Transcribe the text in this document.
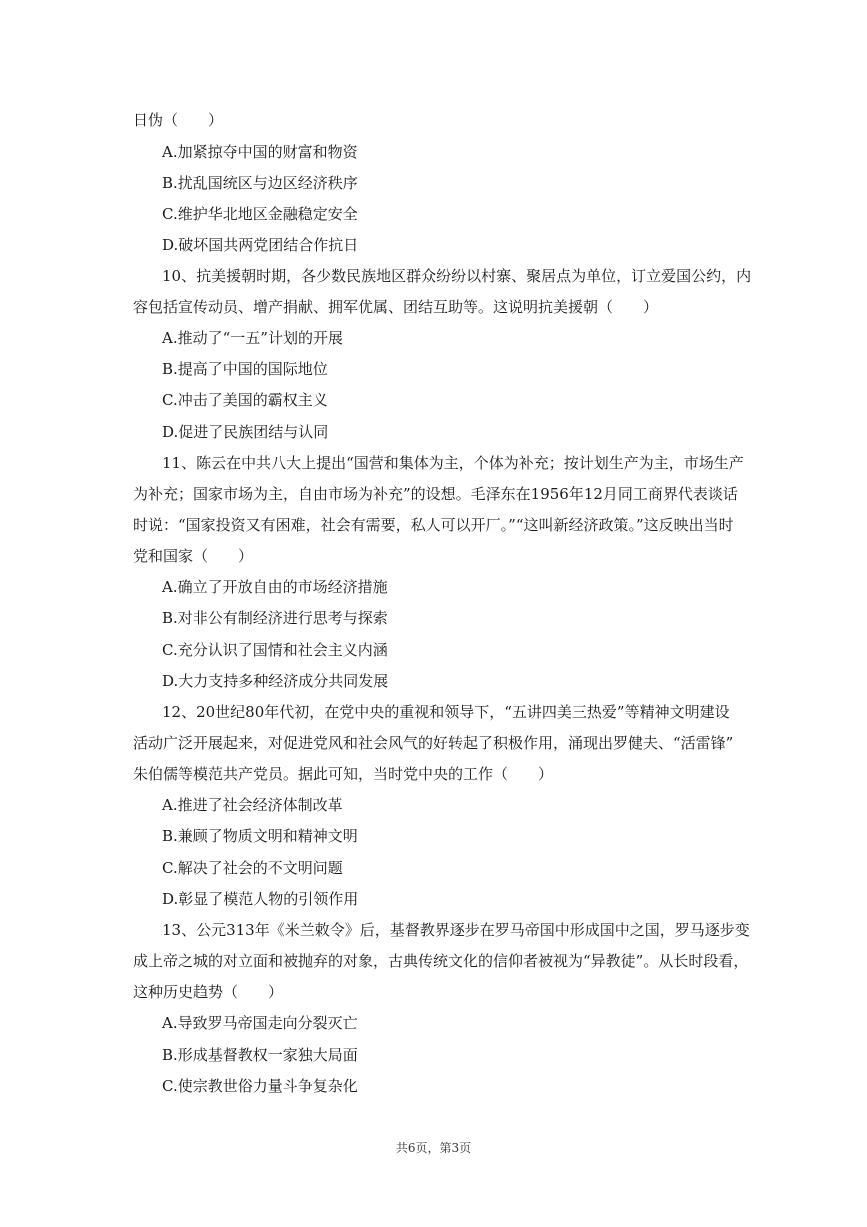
日伪（　　）
A.加紧掠夺中国的财富和物资
B.扰乱国统区与边区经济秩序
C.维护华北地区金融稳定安全
D.破坏国共两党团结合作抗日
10、抗美援朝时期，各少数民族地区群众纷纷以村寨、聚居点为单位，订立爱国公约，内
容包括宣传动员、增产捐献、拥军优属、团结互助等。这说明抗美援朝（　　）
A.推动了“一五”计划的开展
B.提高了中国的国际地位
C.冲击了美国的霸权主义
D.促进了民族团结与认同
11、陈云在中共八大上提出“国营和集体为主，个体为补充；按计划生产为主，市场生产
为补充；国家市场为主，自由市场为补充”的设想。毛泽东在1956年12月同工商界代表谈话
时说：“国家投资又有困难，社会有需要，私人可以开厂。”“这叫新经济政策。”这反映出当时
党和国家（　　）
A.确立了开放自由的市场经济措施
B.对非公有制经济进行思考与探索
C.充分认识了国情和社会主义内涵
D.大力支持多种经济成分共同发展
12、20世纪80年代初，在党中央的重视和领导下，“五讲四美三热爱”等精神文明建设
活动广泛开展起来，对促进党风和社会风气的好转起了积极作用，涌现出罗健夫、“活雷锋”
朱伯儒等模范共产党员。据此可知，当时党中央的工作（　　）
A.推进了社会经济体制改革
B.兼顾了物质文明和精神文明
C.解决了社会的不文明问题
D.彰显了模范人物的引领作用
13、公元313年《米兰敕令》后，基督教界逐步在罗马帝国中形成国中之国，罗马逐步变
成上帝之城的对立面和被抛弃的对象，古典传统文化的信仰者被视为“异教徒”。从长时段看，
这种历史趋势（　　）
A.导致罗马帝国走向分裂灭亡
B.形成基督教权一家独大局面
C.使宗教世俗力量斗争复杂化
共6页，第3页
